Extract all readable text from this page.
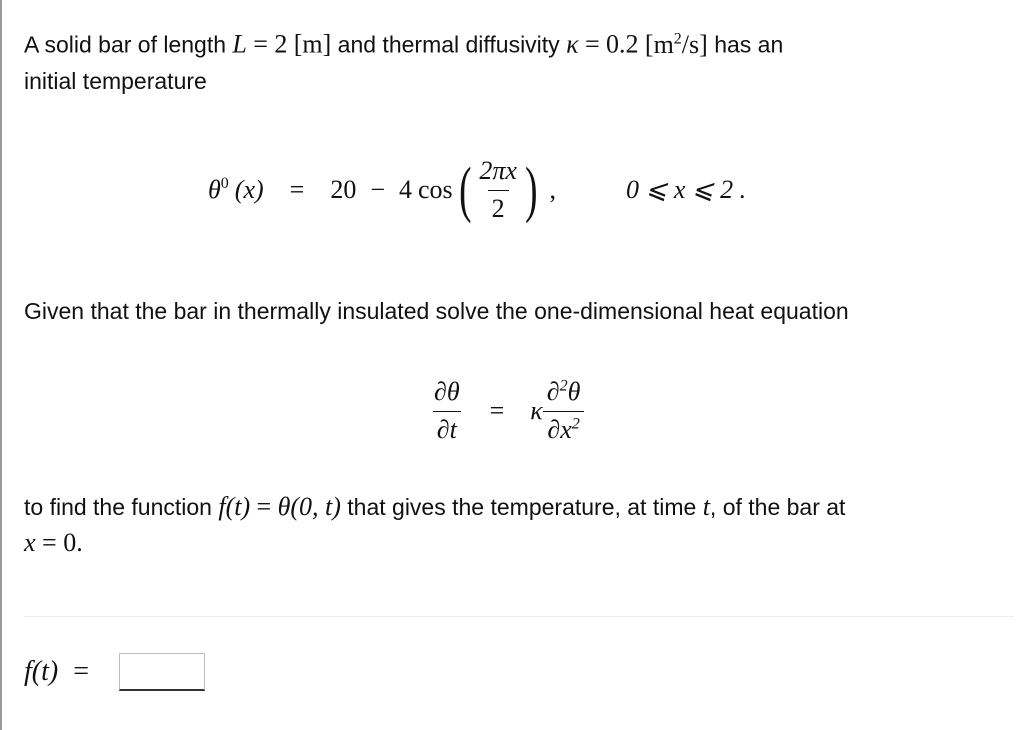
A solid bar of length L = 2 [m] and thermal diffusivity κ = 0.2 $[m^2/s]$ has an
initial temperature
$\theta^0$ (x) = 20 − 4 cos ( $\frac{2\pi x}{2}$ ) ,	0 ⩽ x ⩽ 2 .
Given that the bar in thermally insulated solve the one-dimensional heat equation
$\frac{\partial\theta}{\partial t} = \kappa \frac{\partial^2\theta}{\partial x^2}$
to find the function f(t) = θ(0, t) that gives the temperature, at time t, of the bar at
x = 0.
f(t) =
